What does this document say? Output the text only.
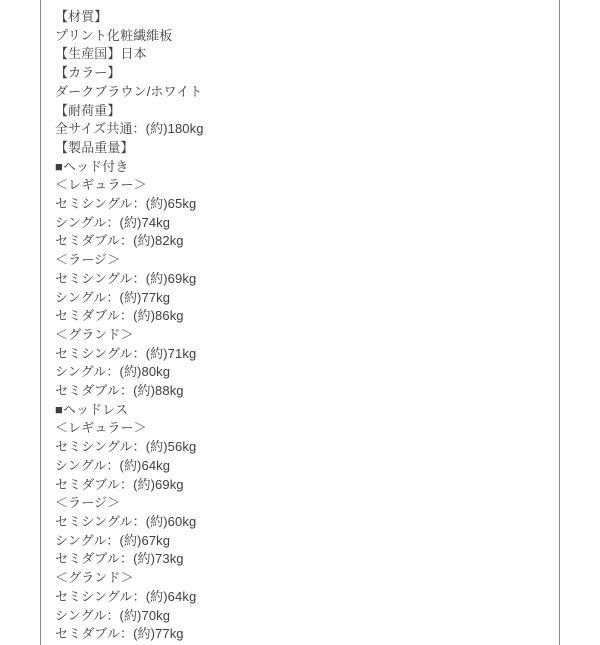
【材質】
プリント化粧繊維板
【生産国】日本
【カラー】
ダークブラウン/ホワイト
【耐荷重】
全サイズ共通：(約)180kg
【製品重量】
■ヘッド付き
＜レギュラー＞
セミシングル：(約)65kg
シングル：(約)74kg
セミダブル：(約)82kg
＜ラージ＞
セミシングル：(約)69kg
シングル：(約)77kg
セミダブル：(約)86kg
＜グランド＞
セミシングル：(約)71kg
シングル：(約)80kg
セミダブル：(約)88kg
■ヘッドレス
＜レギュラー＞
セミシングル：(約)56kg
シングル：(約)64kg
セミダブル：(約)69kg
＜ラージ＞
セミシングル：(約)60kg
シングル：(約)67kg
セミダブル：(約)73kg
＜グランド＞
セミシングル：(約)64kg
シングル：(約)70kg
セミダブル：(約)77kg
